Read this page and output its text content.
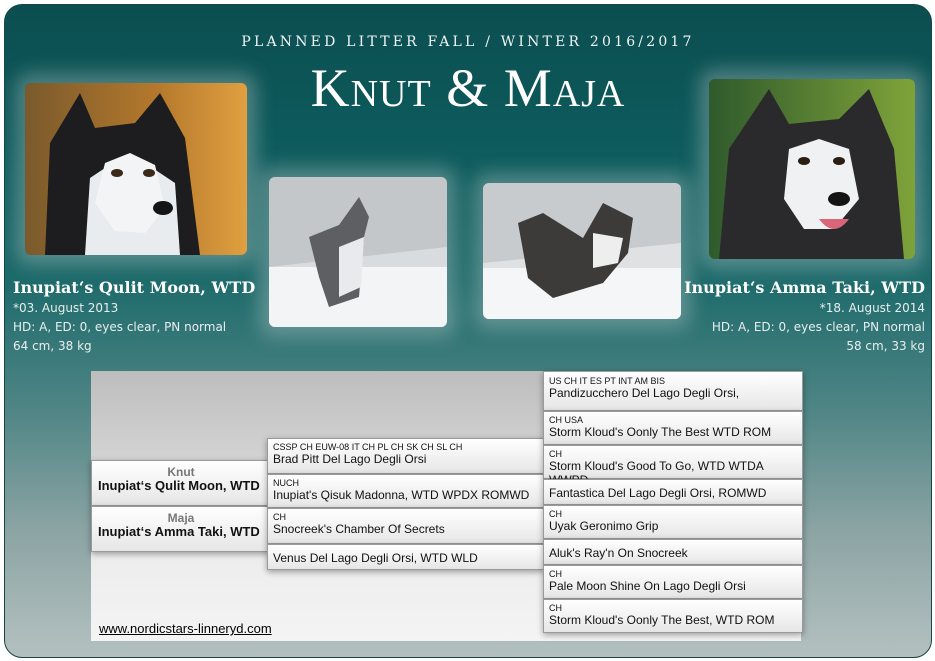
PLANNED LITTER FALL / WINTER 2016/2017
Knut & Maja
Inupiat‘s Qulit Moon, WTD
*03. August 2013
HD: A, ED: 0, eyes clear, PN normal
64 cm, 38 kg
Inupiat‘s Amma Taki, WTD
*18. August 2014
HD: A, ED: 0, eyes clear, PN normal
58 cm, 33 kg
Knut
Inupiat‘s Qulit Moon, WTD
Maja
Inupiat‘s Amma Taki, WTD
CSSP CH EUW-08 IT CH PL CH SK CH SL CH
Brad Pitt Del Lago Degli Orsi
NUCH
Inupiat's Qisuk Madonna, WTD WPDX ROMWD
CH
Snocreek's Chamber Of Secrets
Venus Del Lago Degli Orsi, WTD WLD
US CH IT ES PT INT AM BIS
Pandizucchero Del Lago Degli Orsi,
CH USA
Storm Kloud's Oonly The Best WTD ROM
CH
Storm Kloud's Good To Go, WTD WTDA
Fantastica Del Lago Degli Orsi, ROMWD
CH
Uyak Geronimo Grip
Aluk's Ray'n On Snocreek
CH
Pale Moon Shine On Lago Degli Orsi
CH
Storm Kloud's Oonly The Best, WTD ROM
www.nordicstars-linneryd.com
